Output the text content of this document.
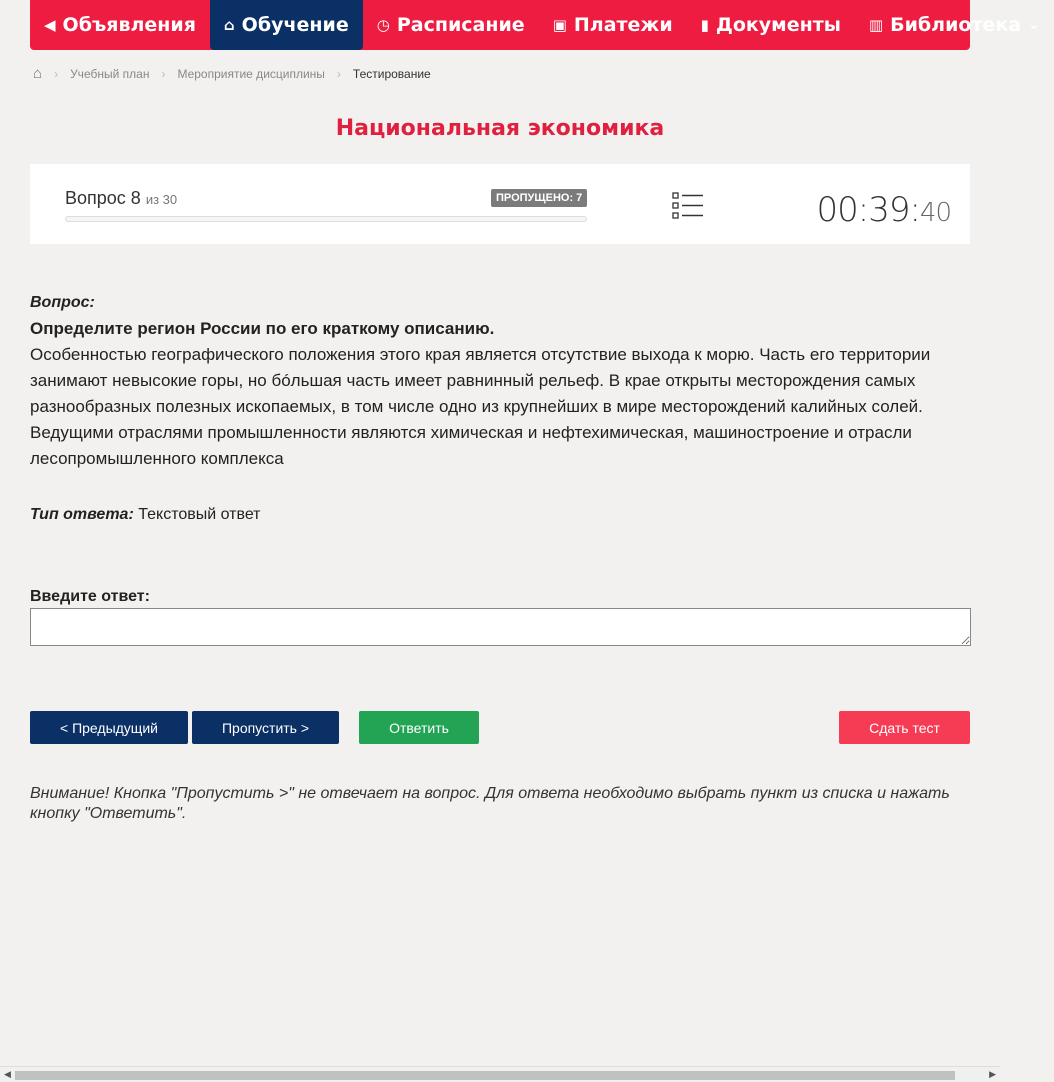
◀ Объявления ⌂ Обучение ◷ Расписание ▣ Платежи ▮ Документы ▥ Библиотека ⌄
⌂ › Учебный план › Мероприятие дисциплины › Тестирование
Национальная экономика
Вопрос 8 из 30	ПРОПУЩЕНО: 7	00:39:40
Вопрос:
Определите регион России по его краткому описанию.
Особенностью географического положения этого края является отсутствие выхода к морю. Часть его территории занимают невысокие горы, но бóльшая часть имеет равнинный рельеф. В крае открыты месторождения самых разнообразных полезных ископаемых, в том числе одно из крупнейших в мире месторождений калийных солей. Ведущими отраслями промышленности являются химическая и нефтехимическая, машиностроение и отрасли лесопромышленного комплекса
Тип ответа: Текстовый ответ
Введите ответ:
< Предыдущий	Пропустить >	Ответить	Сдать тест
Внимание! Кнопка "Пропустить >" не отвечает на вопрос. Для ответа необходимо выбрать пункт из списка и нажать кнопку "Ответить".
◀	▶
